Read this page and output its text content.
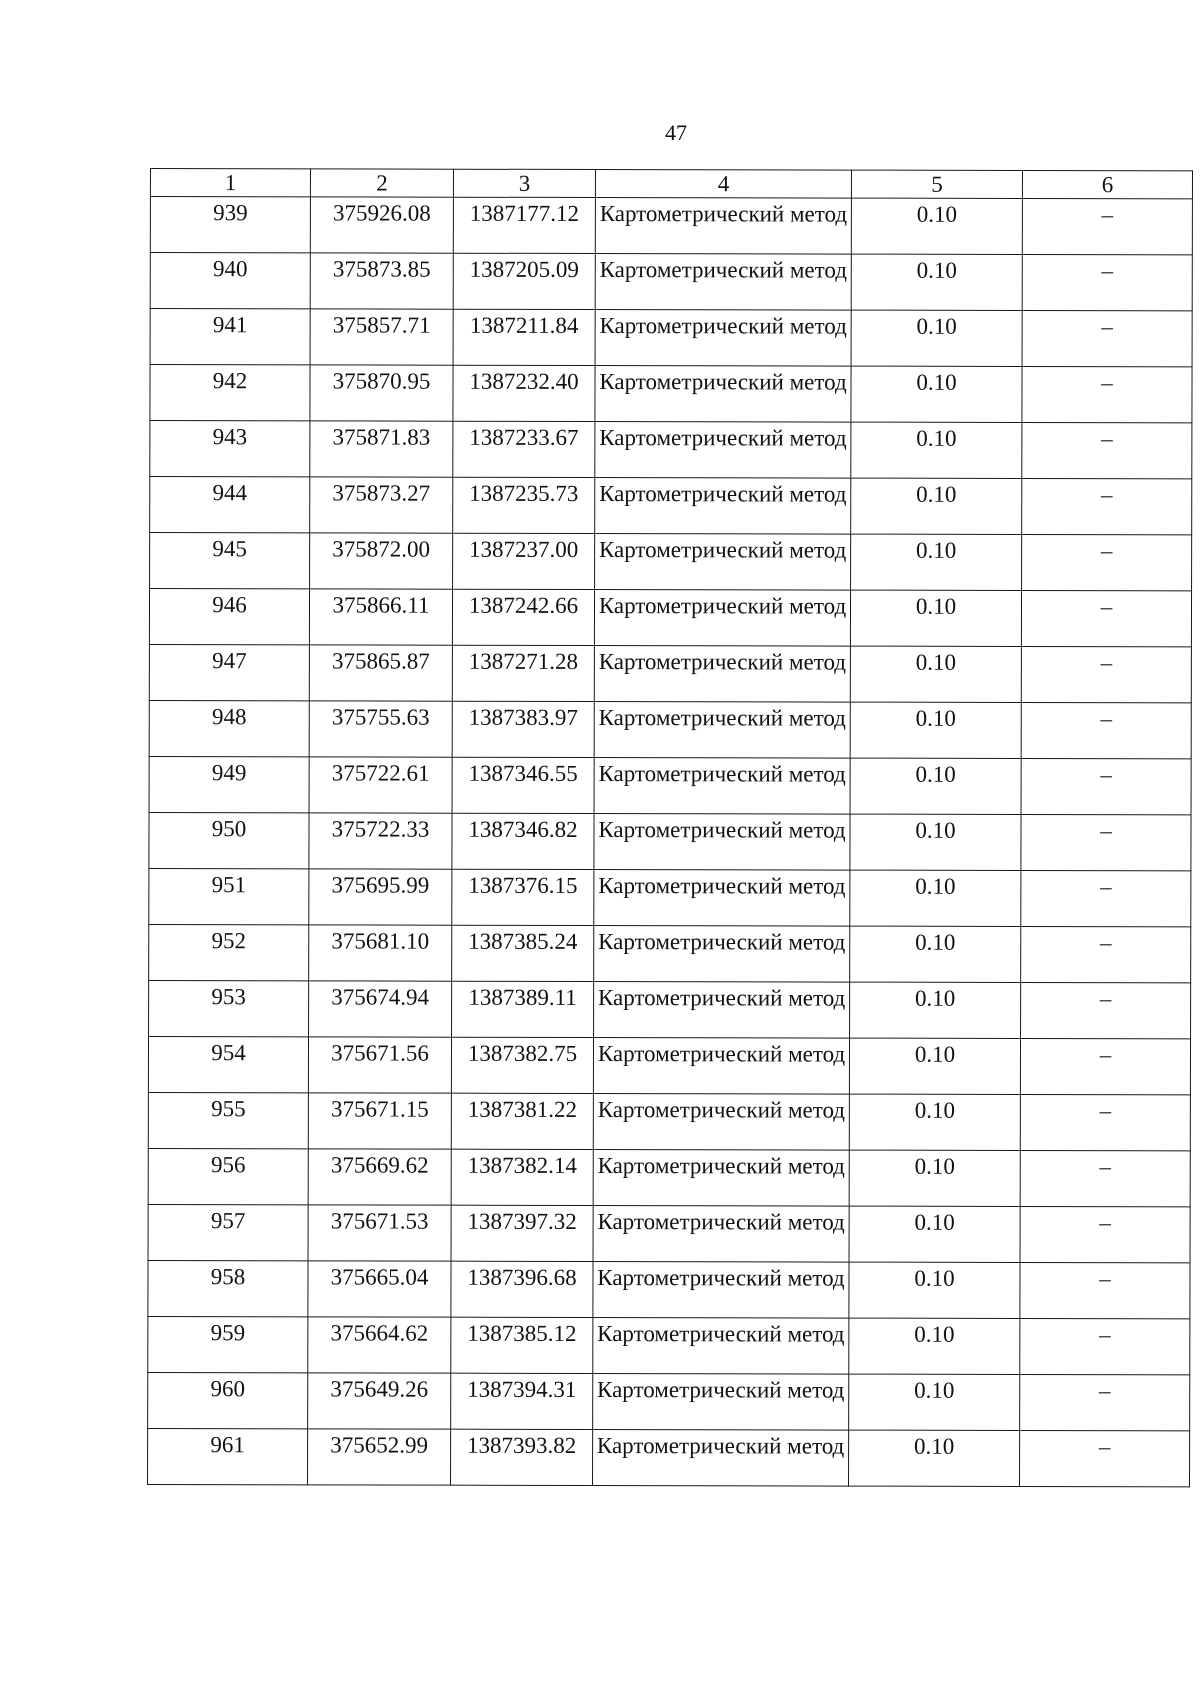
47
1	2	3	4	5	6
939	375926.08	1387177.12	Картометрический метод	0.10	–
940	375873.85	1387205.09	Картометрический метод	0.10	–
941	375857.71	1387211.84	Картометрический метод	0.10	–
942	375870.95	1387232.40	Картометрический метод	0.10	–
943	375871.83	1387233.67	Картометрический метод	0.10	–
944	375873.27	1387235.73	Картометрический метод	0.10	–
945	375872.00	1387237.00	Картометрический метод	0.10	–
946	375866.11	1387242.66	Картометрический метод	0.10	–
947	375865.87	1387271.28	Картометрический метод	0.10	–
948	375755.63	1387383.97	Картометрический метод	0.10	–
949	375722.61	1387346.55	Картометрический метод	0.10	–
950	375722.33	1387346.82	Картометрический метод	0.10	–
951	375695.99	1387376.15	Картометрический метод	0.10	–
952	375681.10	1387385.24	Картометрический метод	0.10	–
953	375674.94	1387389.11	Картометрический метод	0.10	–
954	375671.56	1387382.75	Картометрический метод	0.10	–
955	375671.15	1387381.22	Картометрический метод	0.10	–
956	375669.62	1387382.14	Картометрический метод	0.10	–
957	375671.53	1387397.32	Картометрический метод	0.10	–
958	375665.04	1387396.68	Картометрический метод	0.10	–
959	375664.62	1387385.12	Картометрический метод	0.10	–
960	375649.26	1387394.31	Картометрический метод	0.10	–
961	375652.99	1387393.82	Картометрический метод	0.10	–
